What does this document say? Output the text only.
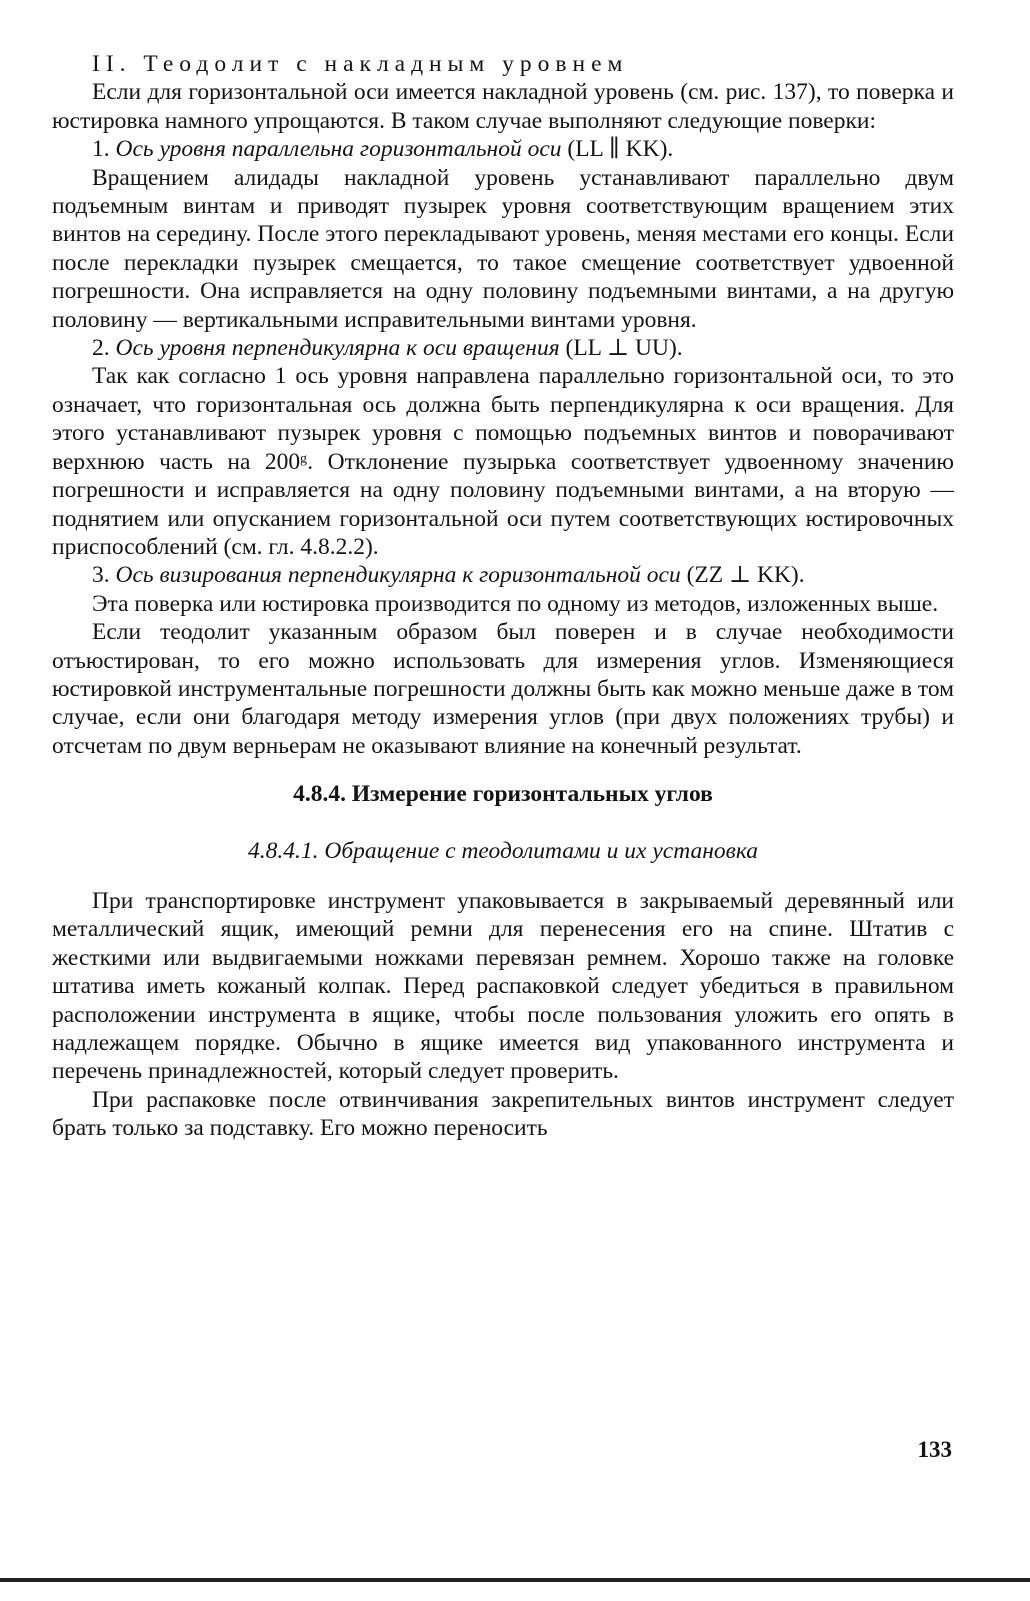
II. Теодолит с накладным уровнем

Если для горизонтальной оси имеется накладной уровень (см. рис. 137), то поверка и юстировка намного упрощаются. В таком случае выполняют следующие поверки:

1. Ось уровня параллельна горизонтальной оси (LL ∥ KK).

Вращением алидады накладной уровень устанавливают параллельно двум подъемным винтам и приводят пузырек уровня соответствующим вращением этих винтов на середину. После этого перекладывают уровень, меняя местами его концы. Если после перекладки пузырек смещается, то такое смещение соответствует удвоенной погрешности. Она исправляется на одну половину подъемными винтами, а на другую половину — вертикальными исправительными винтами уровня.

2. Ось уровня перпендикулярна к оси вращения (LL ⊥ UU).

Так как согласно 1 ось уровня направлена параллельно горизонтальной оси, то это означает, что горизонтальная ось должна быть перпендикулярна к оси вращения. Для этого устанавливают пузырек уровня с помощью подъемных винтов и поворачивают верхнюю часть на 200ᵍ. Отклонение пузырька соответствует удвоенному значению погрешности и исправляется на одну половину подъемными винтами, а на вторую — поднятием или опусканием горизонтальной оси путем соответствующих юстировочных приспособлений (см. гл. 4.8.2.2).

3. Ось визирования перпендикулярна к горизонтальной оси (ZZ ⊥ KK).

Эта поверка или юстировка производится по одному из методов, изложенных выше.

Если теодолит указанным образом был поверен и в случае необходимости отъюстирован, то его можно использовать для измерения углов. Изменяющиеся юстировкой инструментальные погрешности должны быть как можно меньше даже в том случае, если они благодаря методу измерения углов (при двух положениях трубы) и отсчетам по двум верньерам не оказывают влияние на конечный результат.

4.8.4. Измерение горизонтальных углов
4.8.4.1. Обращение с теодолитами и их установка

При транспортировке инструмент упаковывается в закрываемый деревянный или металлический ящик, имеющий ремни для перенесения его на спине. Штатив с жесткими или выдвигаемыми ножками перевязан ремнем. Хорошо также на головке штатива иметь кожаный колпак. Перед распаковкой следует убедиться в правильном расположении инструмента в ящике, чтобы после пользования уложить его опять в надлежащем порядке. Обычно в ящике имеется вид упакованного инструмента и перечень принадлежностей, который следует проверить.

При распаковке после отвинчивания закрепительных винтов инструмент следует брать только за подставку. Его можно переносить

133
